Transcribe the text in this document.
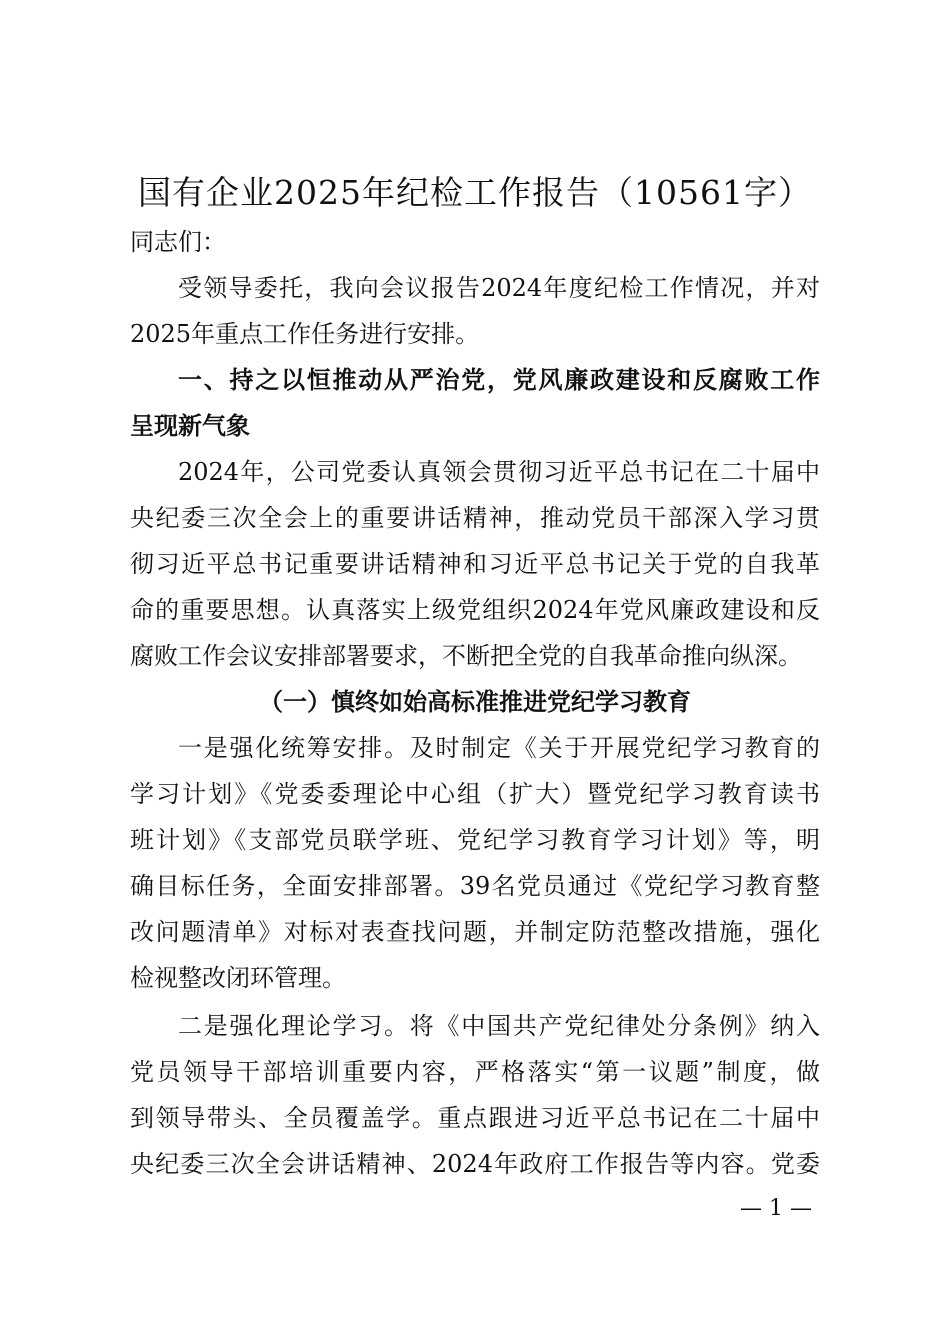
国有企业2025年纪检工作报告（10561字）
同志们：
受领导委托，我向会议报告2024年度纪检工作情况，并对
2025年重点工作任务进行安排。
一、持之以恒推动从严治党，党风廉政建设和反腐败工作
呈现新气象
2024年，公司党委认真领会贯彻习近平总书记在二十届中
央纪委三次全会上的重要讲话精神，推动党员干部深入学习贯
彻习近平总书记重要讲话精神和习近平总书记关于党的自我革
命的重要思想。认真落实上级党组织2024年党风廉政建设和反
腐败工作会议安排部署要求，不断把全党的自我革命推向纵深。
（一）慎终如始高标准推进党纪学习教育
一是强化统筹安排。及时制定《关于开展党纪学习教育的
学习计划》《党委委理论中心组（扩大）暨党纪学习教育读书
班计划》《支部党员联学班、党纪学习教育学习计划》等，明
确目标任务，全面安排部署。39名党员通过《党纪学习教育整
改问题清单》对标对表查找问题，并制定防范整改措施，强化
检视整改闭环管理。
二是强化理论学习。将《中国共产党纪律处分条例》纳入
党员领导干部培训重要内容，严格落实“第一议题”制度，做
到领导带头、全员覆盖学。重点跟进习近平总书记在二十届中
央纪委三次全会讲话精神、2024年政府工作报告等内容。党委
— 1 —
